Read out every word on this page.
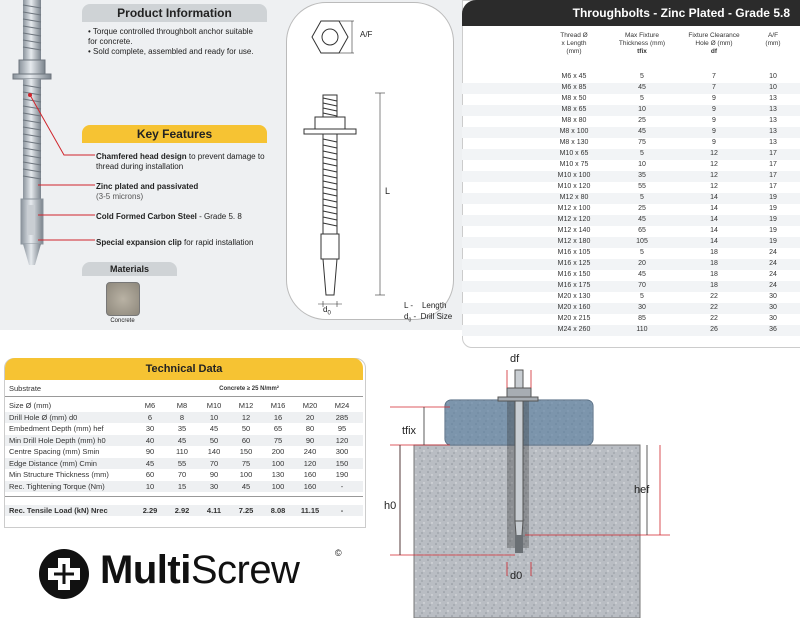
Product Information
• Torque controlled throughbolt anchor suitable for concrete.
• Sold complete, assembled and ready for use.
Key Features
Chamfered head design to prevent damage to thread during installation
Zinc plated and passivated
(3-5 microns)
Cold Formed Carbon Steel - Grade 5. 8
Special expansion clip for rapid installation
Materials
Concrete
A/F
L
$d_0$
L - Length
$d_0$ - Drill Size
Throughbolts - Zinc Plated - Grade 5.8
Thread Ø
x Length
(mm)
Max Fixture
Thickness (mm)
tfix
Fixture Clearance
Hole Ø (mm)
df
A/F
(mm)
M6 x 45	5	7	10
M6 x 85	45	7	10
M8 x 50	5	9	13
M8 x 65	10	9	13
M8 x 80	25	9	13
M8 x 100	45	9	13
M8 x 130	75	9	13
M10 x 65	5	12	17
M10 x 75	10	12	17
M10 x 100	35	12	17
M10 x 120	55	12	17
M12 x 80	5	14	19
M12 x 100	25	14	19
M12 x 120	45	14	19
M12 x 140	65	14	19
M12 x 180	105	14	19
M16 x 105	5	18	24
M16 x 125	20	18	24
M16 x 150	45	18	24
M16 x 175	70	18	24
M20 x 130	5	22	30
M20 x 160	30	22	30
M20 x 215	85	22	30
M24 x 260	110	26	36
Technical Data
Substrate	Concrete ≥ 25 N/mm²
Size Ø (mm)	M6	M8	M10	M12	M16	M20	M24
Drill Hole Ø (mm) d0	6	8	10	12	16	20	285
Embedment Depth (mm) hef	30	35	45	50	65	80	95
Min Drill Hole Depth (mm) h0	40	45	50	60	75	90	120
Centre Spacing (mm) Smin	90	110	140	150	200	240	300
Edge Distance (mm) Cmin	45	55	70	75	100	120	150
Min Structure Thickness (mm)	60	70	90	100	130	160	190
Rec. Tightening Torque (Nm)	10	15	30	45	100	160	-
Rec. Tensile Load (kN) Nrec	2.29	2.92	4.11	7.25	8.08	11.15	-
MultiScrew	©
df
tfix
h0
hef
d0
